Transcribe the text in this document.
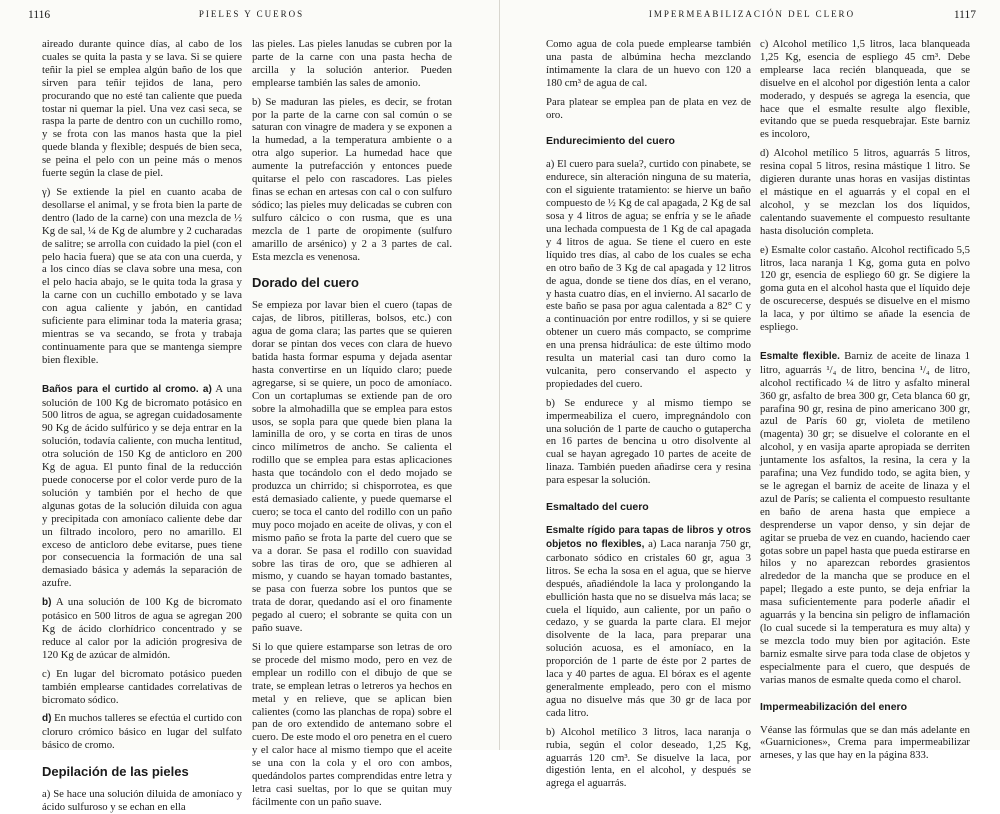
1116	PIELES Y CUEROS

aireado durante quince días, al cabo de los cuales se quita la pasta y se lava. Si se quiere teñir la piel se emplea algún baño de los que sirven para teñir tejidos de lana, pero procurando que no esté tan caliente que pueda tostar ni quemar la piel. Una vez casi seca, se raspa la parte de dentro con un cuchillo romo, y se frota con las manos hasta que la piel quede blanda y flexible; después de bien seca, se peina el pelo con un peine más o menos fuerte según la clase de piel.

γ) Se extiende la piel en cuanto acaba de desollarse el animal, y se frota bien la parte de dentro (lado de la carne) con una mezcla de ½ Kg de sal, ¼ de Kg de alumbre y 2 cucharadas de salitre; se arrolla con cuidado la piel (con el pelo hacia fuera) que se ata con una cuerda, y a los cinco días se clava sobre una mesa, con el pelo hacia abajo, se le quita toda la grasa y la carne con un cuchillo embotado y se lava con agua caliente y jabón, en cantidad suficiente para eliminar toda la materia grasa; mientras se va secando, se frota y trabaja continuamente para que se mantenga siempre bien flexible.

Baños para el curtido al cromo. a) A una solución de 100 Kg de bicromato potásico en 500 litros de agua, se agregan cuidadosamente 90 Kg de ácido sulfúrico y se deja entrar en la solución, todavía caliente, con mucha lentitud, otra solución de 150 Kg de anticloro en 200 Kg de agua. El punto final de la reducción puede conocerse por el color verde puro de la solución y también por el hecho de que algunas gotas de la solución diluida con agua y precipitada con amoníaco caliente debe dar un filtrado incoloro, pero no amarillo. El exceso de anticloro debe evitarse, pues tiene por consecuencia la formación de una sal demasiado básica y además la separación de azufre.

b) A una solución de 100 Kg de bicromato potásico en 500 litros de agua se agregan 200 Kg de ácido clorhídrico concentrado y se reduce al calor por la adición progresiva de 120 Kg de azúcar de almidón.

c) En lugar del bicromato potásico pueden también emplearse cantidades correlativas de bicromato sódico.

d) En muchos talleres se efectúa el curtido con cloruro crómico básico en lugar del sulfato básico de cromo.

Depilación de las pieles

a) Se hace una solución diluida de amoníaco y ácido sulfuroso y se echan en ella

las pieles. Las pieles lanudas se cubren por la parte de la carne con una pasta hecha de arcilla y la solución anterior. Pueden emplearse también las sales de amonio.

b) Se maduran las pieles, es decir, se frotan por la parte de la carne con sal común o se saturan con vinagre de madera y se exponen a la humedad, a la temperatura ambiente o a otra algo superior. La humedad hace que aumente la putrefacción y entonces puede quitarse el pelo con rascadores. Las pieles finas se echan en artesas con cal o con sulfuro sódico; las pieles muy delicadas se cubren con sulfuro cálcico o con rusma, que es una mezcla de 1 parte de oropimente (sulfuro amarillo de arsénico) y 2 a 3 partes de cal. Esta mezcla es venenosa.

Dorado del cuero

Se empieza por lavar bien el cuero (tapas de cajas, de libros, pitilleras, bolsos, etc.) con agua de goma clara; las partes que se quieren dorar se pintan dos veces con clara de huevo batida hasta formar espuma y dejada asentar hasta convertirse en un líquido claro; puede agregarse, si se quiere, un poco de amoníaco. Con un cortaplumas se extiende pan de oro sobre la almohadilla que se emplea para estos usos, se sopla para que quede bien plana la laminilla de oro, y se corta en tiras de unos cinco milímetros de ancho. Se calienta el rodillo que se emplea para estas aplicaciones hasta que tocándolo con el dedo mojado se produzca un chirrido; si chisporrotea, es que está demasiado caliente, y puede quemarse el cuero; se toca el canto del rodillo con un paño muy poco mojado en aceite de olivas, y con el mismo paño se frota la parte del cuero que se va a dorar. Se pasa el rodillo con suavidad sobre las tiras de oro, que se adhieren al mismo, y cuando se hayan tomado bastantes, se pasa con fuerza sobre los puntos que se trata de dorar, quedando así el oro finamente pegado al cuero; el sobrante se quita con un paño suave.

Si lo que quiere estamparse son letras de oro se procede del mismo modo, pero en vez de emplear un rodillo con el dibujo de que se trate, se emplean letras o letreros ya hechos en metal y en relieve, que se aplican bien calientes (como las planchas de ropa) sobre el pan de oro extendido de antemano sobre el cuero. De este modo el oro penetra en el cuero y el calor hace al mismo tiempo que el aceite se una con la cola y el oro con ambos, quedándolos partes comprendidas entre letra y letra casi sueltas, por lo que se quitan muy fácilmente con un paño suave.

IMPERMEABILIZACIÓN DEL CLERO	1117

Como agua de cola puede emplearse también una pasta de albúmina hecha mezclando íntimamente la clara de un huevo con 120 a 180 cm³ de agua de cal.

Para platear se emplea pan de plata en vez de oro.

Endurecimiento del cuero

a) El cuero para suela?, curtido con pinabete, se endurece, sin alteración ninguna de su materia, con el siguiente tratamiento: se hierve un baño compuesto de ½ Kg de cal apagada, 2 Kg de sal sosa y 4 litros de agua; se enfría y se le añade una lechada compuesta de 1 Kg de cal apagada y 4 litros de agua. Se tiene el cuero en este líquido tres días, al cabo de los cuales se echa en otro baño de 3 Kg de cal apagada y 12 litros de agua, donde se tiene dos días, en el verano, y hasta cuatro días, en el invierno. Al sacarlo de este baño se pasa por agua calentada a 82° C y a continuación por entre rodillos, y si se quiere obtener un cuero más compacto, se comprime en una prensa hidráulica: de este último modo resulta un material casi tan duro como la vulcanita, pero conservando el aspecto y propiedades del cuero.

b) Se endurece y al mismo tiempo se impermeabiliza el cuero, impregnándolo con una solución de 1 parte de caucho o gutapercha en 16 partes de bencina u otro disolvente al cual se hayan agregado 10 partes de aceite de linaza. También pueden añadirse cera y resina para espesar la solución.

Esmaltado del cuero

Esmalte rígido para tapas de libros y otros objetos no flexibles, a) Laca naranja 750 gr, carbonato sódico en cristales 60 gr, agua 3 litros. Se echa la sosa en el agua, que se hierve después, añadiéndole la laca y prolongando la ebullición hasta que no se disuelva más laca; se cuela el líquido, aun caliente, por un paño o cedazo, y se guarda la parte clara. El mejor disolvente de la laca, para preparar una solución acuosa, es el amoníaco, en la proporción de 1 parte de éste por 2 partes de laca y 40 partes de agua. El bórax es el agente generalmente empleado, pero con el mismo agua no disuelve más que 30 gr de laca por cada litro.

b) Alcohol metílico 3 litros, laca naranja o rubia, según el color deseado, 1,25 Kg, aguarrás 120 cm³. Se disuelve la laca, por digestión lenta, en el alcohol, y después se agrega el aguarrás.

c) Alcohol metílico 1,5 litros, laca blanqueada 1,25 Kg, esencia de espliego 45 cm³. Debe emplearse laca recién blanqueada, que se disuelve en el alcohol por digestión lenta a calor moderado, y después se agrega la esencia, que hace que el esmalte resulte algo flexible, evitando que se pueda resquebrajar. Este barniz es incoloro,

d) Alcohol metílico 5 litros, aguarrás 5 litros, resina copal 5 litros, resina mástique 1 litro. Se digieren durante unas horas en vasijas distintas el mástique en el aguarrás y el copal en el alcohol, y se mezclan los dos líquidos, calentando suavemente el compuesto resultante hasta disolución completa.

e) Esmalte color castaño. Alcohol rectificado 5,5 litros, laca naranja 1 Kg, goma guta en polvo 120 gr, esencia de espliego 60 gr. Se digiere la goma guta en el alcohol hasta que el líquido deje de oscurecerse, después se disuelve en el mismo la laca, y por último se añade la esencia de espliego.

Esmalte flexible. Barniz de aceite de linaza 1 litro, aguarrás ¹/₄ de litro, bencina ¹/₄ de litro, alcohol rectificado ¼ de litro y asfalto mineral 360 gr, asfalto de brea 300 gr, Ceta blanca 60 gr, parafina 90 gr, resina de pino americano 300 gr, azul de París 60 gr, violeta de metileno (magenta) 30 gr; se disuelve el colorante en el alcohol, y en vasija aparte apropiada se derriten juntamente los asfaltos, la resina, la cera y la parafina; una Vez fundido todo, se agita bien, y se le agregan el barniz de aceite de linaza y el azul de París; se calienta el compuesto resultante en baño de arena hasta que empiece a desprenderse un vapor denso, y sin dejar de agitar se prueba de vez en cuando, haciendo caer gotas sobre un papel hasta que pueda estirarse en hilos y no aparezcan rebordes grasientos alrededor de la mancha que se produce en el papel; llegado a este punto, se deja enfriar la masa suficientemente para poderle añadir el aguarrás y la bencina sin peligro de inflamación (lo cual sucede si la temperatura es muy alta) y se mezcla todo muy bien por agitación. Este barniz esmalte sirve para toda clase de objetos y especialmente para el cuero, que después de varias manos de esmalte queda como el charol.

Impermeabilización del enero

Véanse las fórmulas que se dan más adelante en «Guarniciones», Crema para impermeabilizar arneses, y las que hay en la página 833.
